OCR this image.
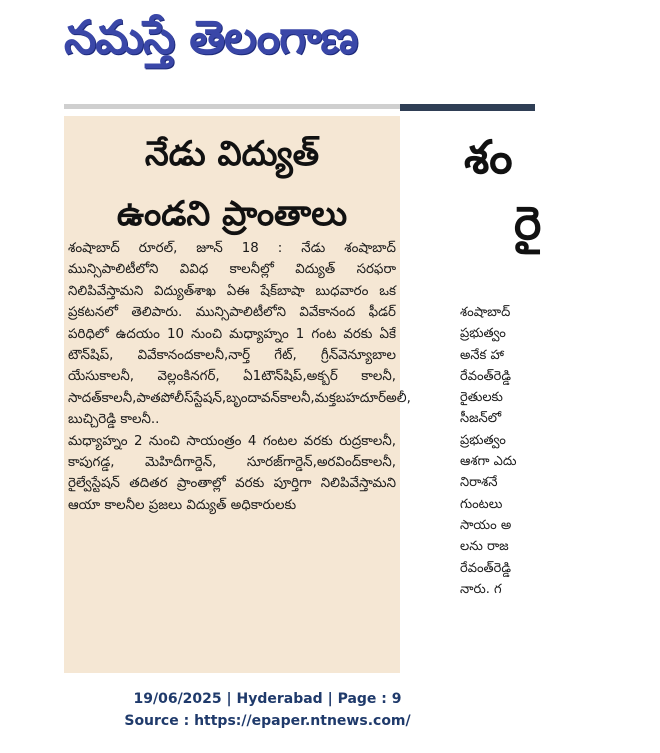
నమస్తే తెలంగాణ
నేడు విద్యుత్
ఉండని ప్రాంతాలు

శంషాబాద్ రూరల్, జూన్ 18 : నేడు శంషాబాద్ మున్సిపాలిటీలోని వివిధ కాలనీల్లో విద్యుత్ సరఫరా నిలిపివేస్తామని విద్యుత్‌శాఖ ఏఈ షేక్‌బాషా బుధవారం ఒక ప్రకటనలో తెలిపారు. మున్సిపాలిటీలోని వివేకానంద ఫీడర్ పరిధిలో ఉదయం 10 నుంచి మధ్యాహ్నం 1 గంట వరకు ఏకే టౌన్‌షిప్, వివేకానందకాలనీ,నార్త్ గేట్, గ్రీన్‌వెన్యూబాల యేసుకాలనీ, వెల్లంకినగర్, ఏ1టౌన్‌షిప్,అక్బర్ కాలనీ, సాదత్‌కాలనీ,పాతపోలీస్‌స్టేషన్,బృందావన్‌కాలనీ,మక్తబహదూర్‌అలీ, బుచ్చిరెడ్డి కాలనీ..

మధ్యాహ్నం 2 నుంచి సాయంత్రం 4 గంటల వరకు రుద్రకాలనీ, కాపుగడ్డ, మెహిదీగార్డెన్, సూరజ్‌గార్డెన్,అరవింద్‌కాలనీ, రైల్వేస్టేషన్ తదితర ప్రాంతాల్లో వరకు పూర్తిగా నిలిపివేస్తామని ఆయా కాలనీల ప్రజలు విద్యుత్ అధికారులకు

శం
రై
శంషాబాద్
ప్రభుత్వం
అనేక హా
రేవంత్‌రెడ్డి
రైతులకు
సీజన్‌లో
ప్రభుత్వం
ఆశగా ఎదు
నిరాశనే
గుంటలు
సాయం అ
లను రాజ
రేవంత్‌రెడ్డి
నారు. గ
19/06/2025 | Hyderabad | Page : 9
Source : https://epaper.ntnews.com/
